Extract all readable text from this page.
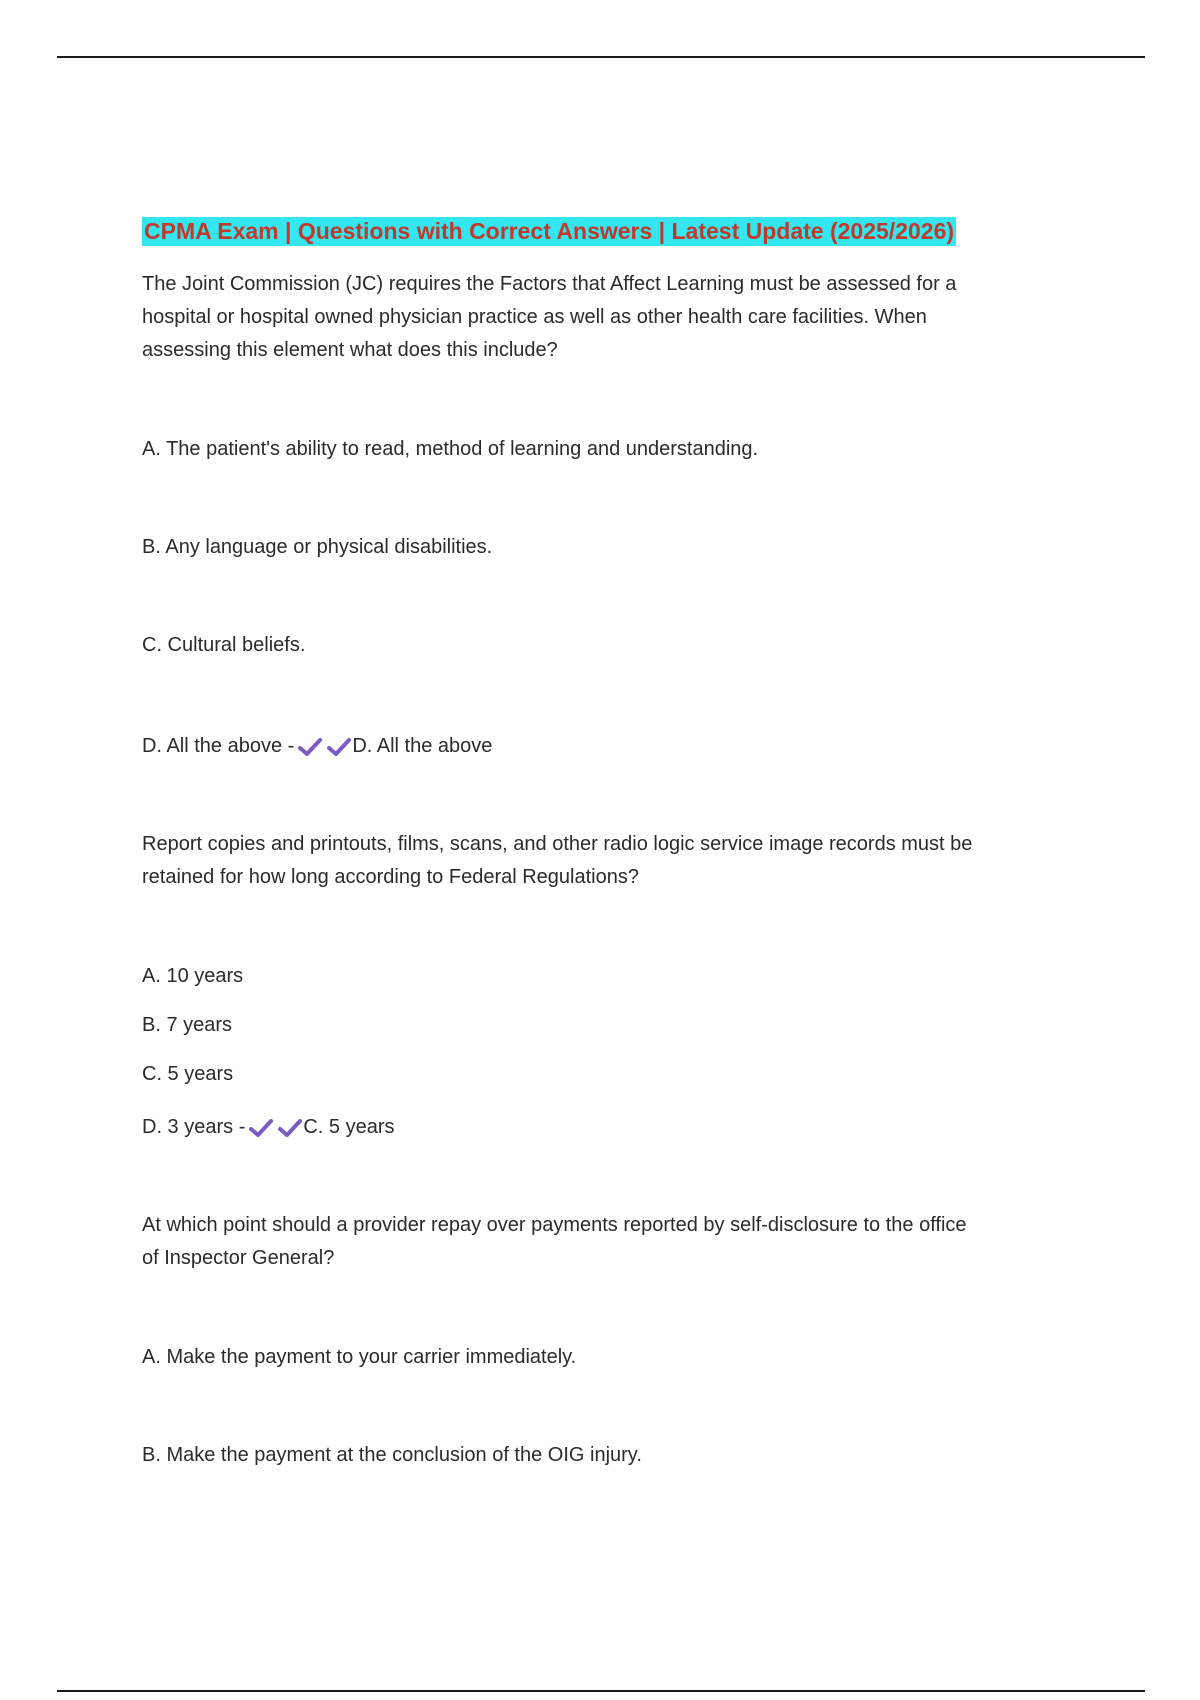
CPMA Exam | Questions with Correct Answers | Latest Update (2025/2026)
The Joint Commission (JC) requires the Factors that Affect Learning must be assessed for a
hospital or hospital owned physician practice as well as other health care facilities. When
assessing this element what does this include?
A. The patient's ability to read, method of learning and understanding.
B. Any language or physical disabilities.
C. Cultural beliefs.
D. All the above -	D. All the above
Report copies and printouts, films, scans, and other radio logic service image records must be
retained for how long according to Federal Regulations?
A. 10 years
B. 7 years
C. 5 years
D. 3 years -	C. 5 years
At which point should a provider repay over payments reported by self-disclosure to the office
of Inspector General?
A. Make the payment to your carrier immediately.
B. Make the payment at the conclusion of the OIG injury.
